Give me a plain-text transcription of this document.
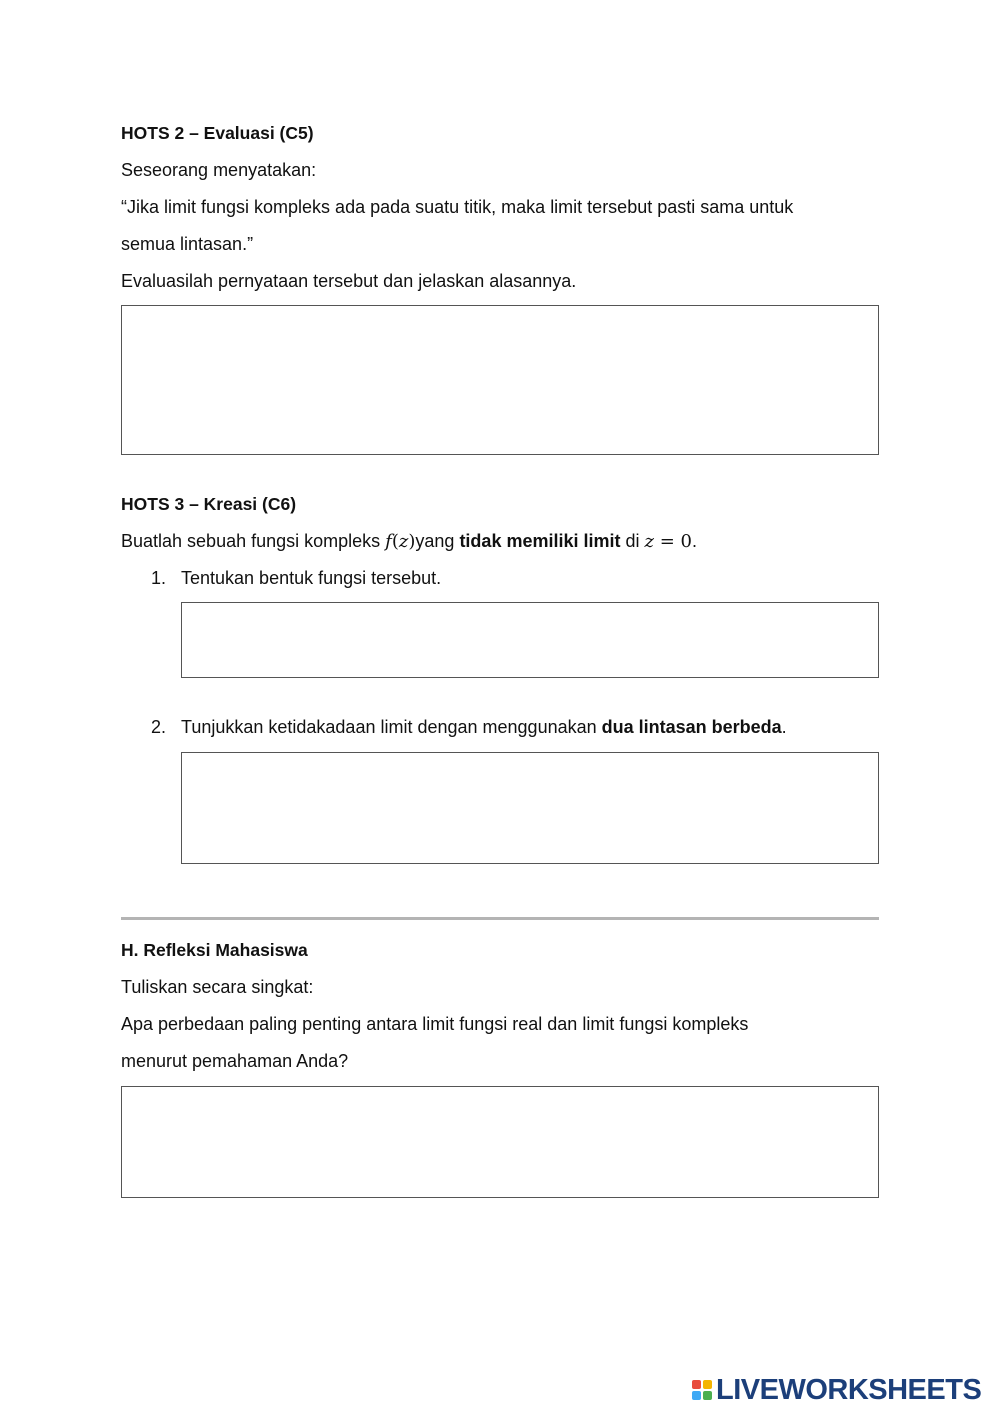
HOTS 2 – Evaluasi (C5)
Seseorang menyatakan:
“Jika limit fungsi kompleks ada pada suatu titik, maka limit tersebut pasti sama untuk
semua lintasan.”
Evaluasilah pernyataan tersebut dan jelaskan alasannya.
HOTS 3 – Kreasi (C6)
Buatlah sebuah fungsi kompleks f(z)yang tidak memiliki limit di z = 0.
1. Tentukan bentuk fungsi tersebut.
2. Tunjukkan ketidakadaan limit dengan menggunakan dua lintasan berbeda.
H. Refleksi Mahasiswa
Tuliskan secara singkat:
Apa perbedaan paling penting antara limit fungsi real dan limit fungsi kompleks
menurut pemahaman Anda?
LIVEWORKSHEETS
